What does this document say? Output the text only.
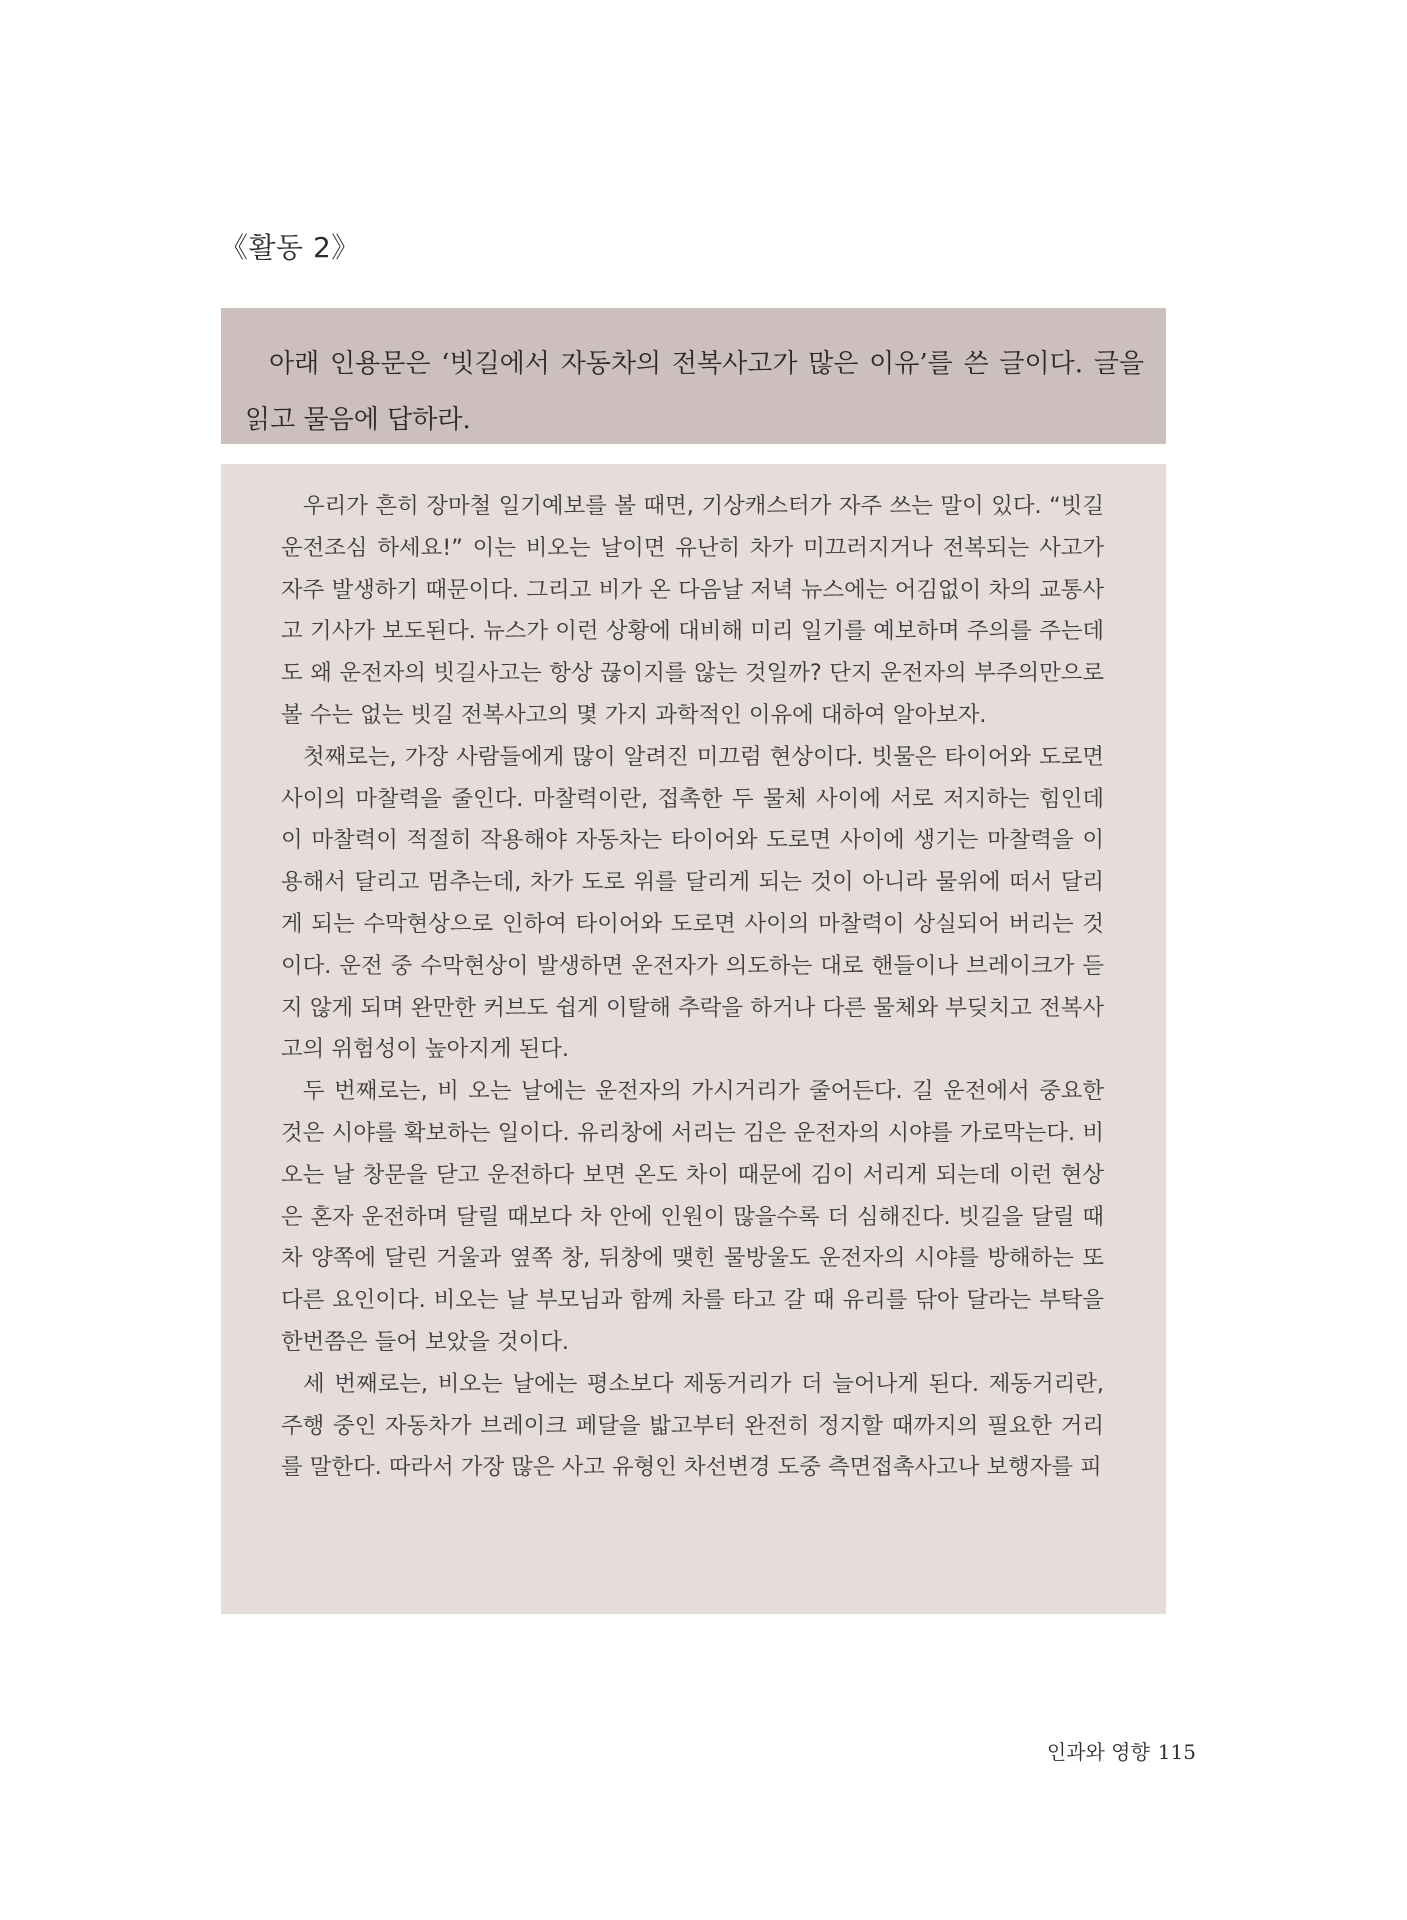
《활동 2》

아래 인용문은 ‘빗길에서 자동차의 전복사고가 많은 이유’를 쓴 글이다. 글을 읽고 물음에 답하라.

우리가 흔히 장마철 일기예보를 볼 때면, 기상캐스터가 자주 쓰는 말이 있다. “빗길 운전조심 하세요!” 이는 비오는 날이면 유난히 차가 미끄러지거나 전복되는 사고가 자주 발생하기 때문이다. 그리고 비가 온 다음날 저녁 뉴스에는 어김없이 차의 교통사고 기사가 보도된다. 뉴스가 이런 상황에 대비해 미리 일기를 예보하며 주의를 주는데도 왜 운전자의 빗길사고는 항상 끊이지를 않는 것일까? 단지 운전자의 부주의만으로 볼 수는 없는 빗길 전복사고의 몇 가지 과학적인 이유에 대하여 알아보자.

첫째로는, 가장 사람들에게 많이 알려진 미끄럼 현상이다. 빗물은 타이어와 도로면 사이의 마찰력을 줄인다. 마찰력이란, 접촉한 두 물체 사이에 서로 저지하는 힘인데 이 마찰력이 적절히 작용해야 자동차는 타이어와 도로면 사이에 생기는 마찰력을 이용해서 달리고 멈추는데, 차가 도로 위를 달리게 되는 것이 아니라 물위에 떠서 달리게 되는 수막현상으로 인하여 타이어와 도로면 사이의 마찰력이 상실되어 버리는 것이다. 운전 중 수막현상이 발생하면 운전자가 의도하는 대로 핸들이나 브레이크가 듣지 않게 되며 완만한 커브도 쉽게 이탈해 추락을 하거나 다른 물체와 부딪치고 전복사고의 위험성이 높아지게 된다.

두 번째로는, 비 오는 날에는 운전자의 가시거리가 줄어든다. 길 운전에서 중요한 것은 시야를 확보하는 일이다. 유리창에 서리는 김은 운전자의 시야를 가로막는다. 비 오는 날 창문을 닫고 운전하다 보면 온도 차이 때문에 김이 서리게 되는데 이런 현상은 혼자 운전하며 달릴 때보다 차 안에 인원이 많을수록 더 심해진다. 빗길을 달릴 때 차 양쪽에 달린 거울과 옆쪽 창, 뒤창에 맺힌 물방울도 운전자의 시야를 방해하는 또 다른 요인이다. 비오는 날 부모님과 함께 차를 타고 갈 때 유리를 닦아 달라는 부탁을 한번쯤은 들어 보았을 것이다.

세 번째로는, 비오는 날에는 평소보다 제동거리가 더 늘어나게 된다. 제동거리란, 주행 중인 자동차가 브레이크 페달을 밟고부터 완전히 정지할 때까지의 필요한 거리를 말한다. 따라서 가장 많은 사고 유형인 차선변경 도중 측면접촉사고나 보행자를 피

인과와 영향 115
